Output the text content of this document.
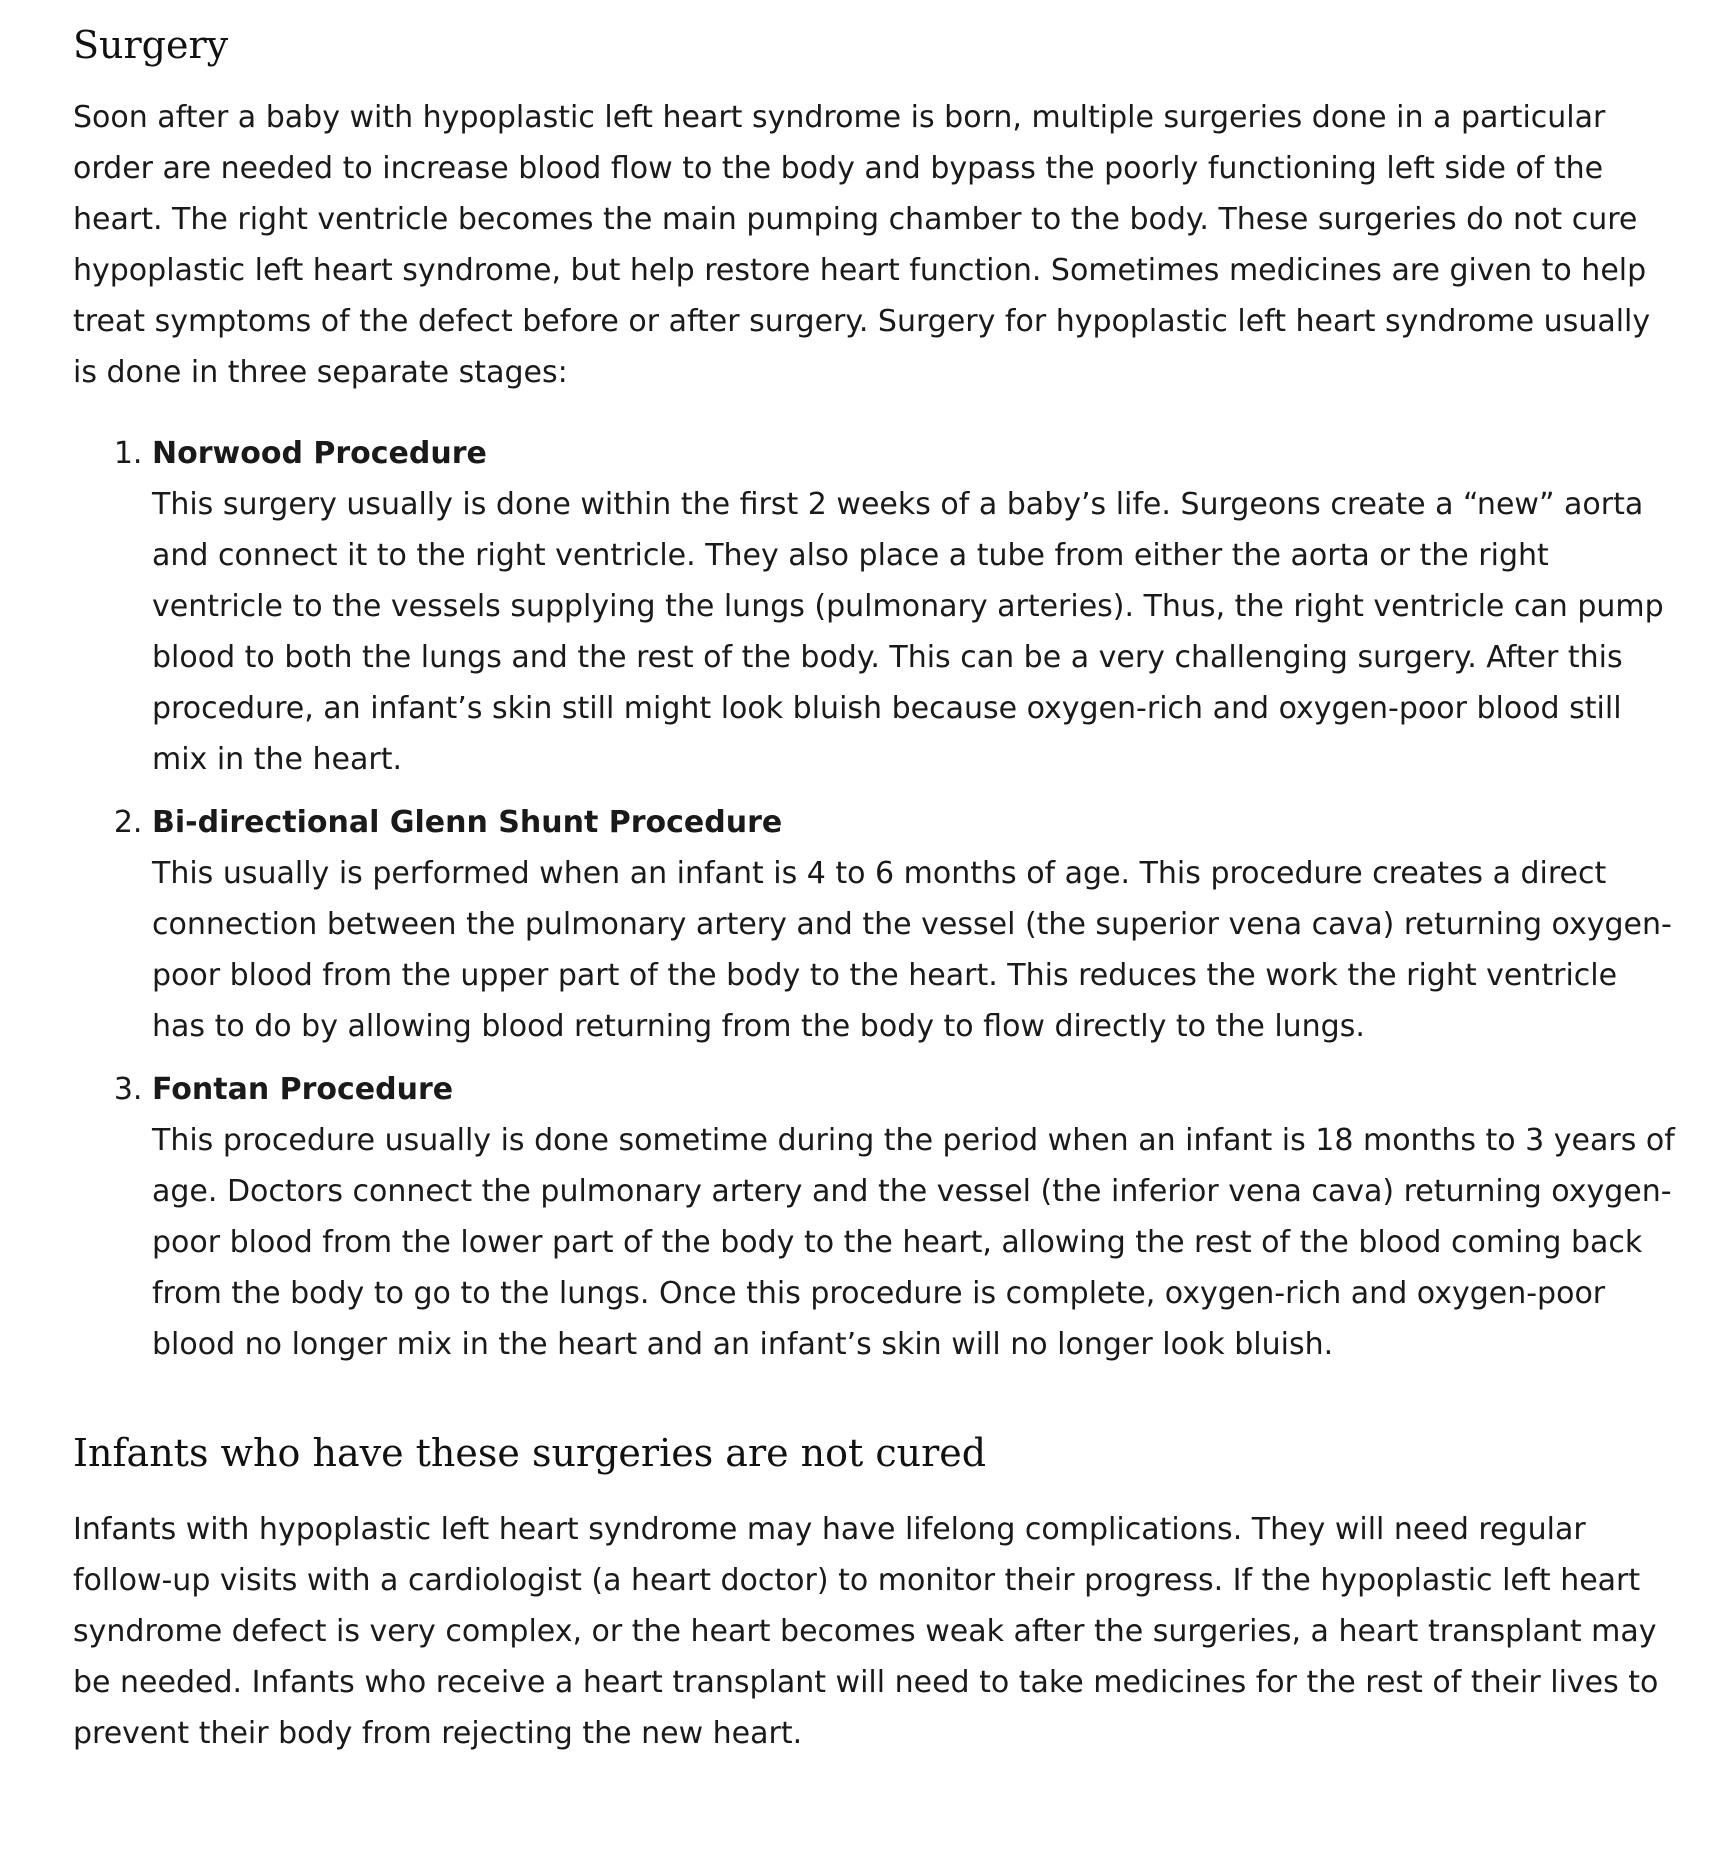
Surgery

Soon after a baby with hypoplastic left heart syndrome is born, multiple surgeries done in a particular order are needed to increase blood flow to the body and bypass the poorly functioning left side of the heart. The right ventricle becomes the main pumping chamber to the body. These surgeries do not cure hypoplastic left heart syndrome, but help restore heart function. Sometimes medicines are given to help treat symptoms of the defect before or after surgery. Surgery for hypoplastic left heart syndrome usually is done in three separate stages:

1. Norwood Procedure
This surgery usually is done within the first 2 weeks of a baby’s life. Surgeons create a “new” aorta and connect it to the right ventricle. They also place a tube from either the aorta or the right ventricle to the vessels supplying the lungs (pulmonary arteries). Thus, the right ventricle can pump blood to both the lungs and the rest of the body. This can be a very challenging surgery. After this procedure, an infant’s skin still might look bluish because oxygen-rich and oxygen-poor blood still mix in the heart.
2. Bi-directional Glenn Shunt Procedure
This usually is performed when an infant is 4 to 6 months of age. This procedure creates a direct connection between the pulmonary artery and the vessel (the superior vena cava) returning oxygen-poor blood from the upper part of the body to the heart. This reduces the work the right ventricle has to do by allowing blood returning from the body to flow directly to the lungs.
3. Fontan Procedure
This procedure usually is done sometime during the period when an infant is 18 months to 3 years of age. Doctors connect the pulmonary artery and the vessel (the inferior vena cava) returning oxygen-poor blood from the lower part of the body to the heart, allowing the rest of the blood coming back from the body to go to the lungs. Once this procedure is complete, oxygen-rich and oxygen-poor blood no longer mix in the heart and an infant’s skin will no longer look bluish.
Infants who have these surgeries are not cured

Infants with hypoplastic left heart syndrome may have lifelong complications. They will need regular follow-up visits with a cardiologist (a heart doctor) to monitor their progress. If the hypoplastic left heart syndrome defect is very complex, or the heart becomes weak after the surgeries, a heart transplant may be needed. Infants who receive a heart transplant will need to take medicines for the rest of their lives to prevent their body from rejecting the new heart.
